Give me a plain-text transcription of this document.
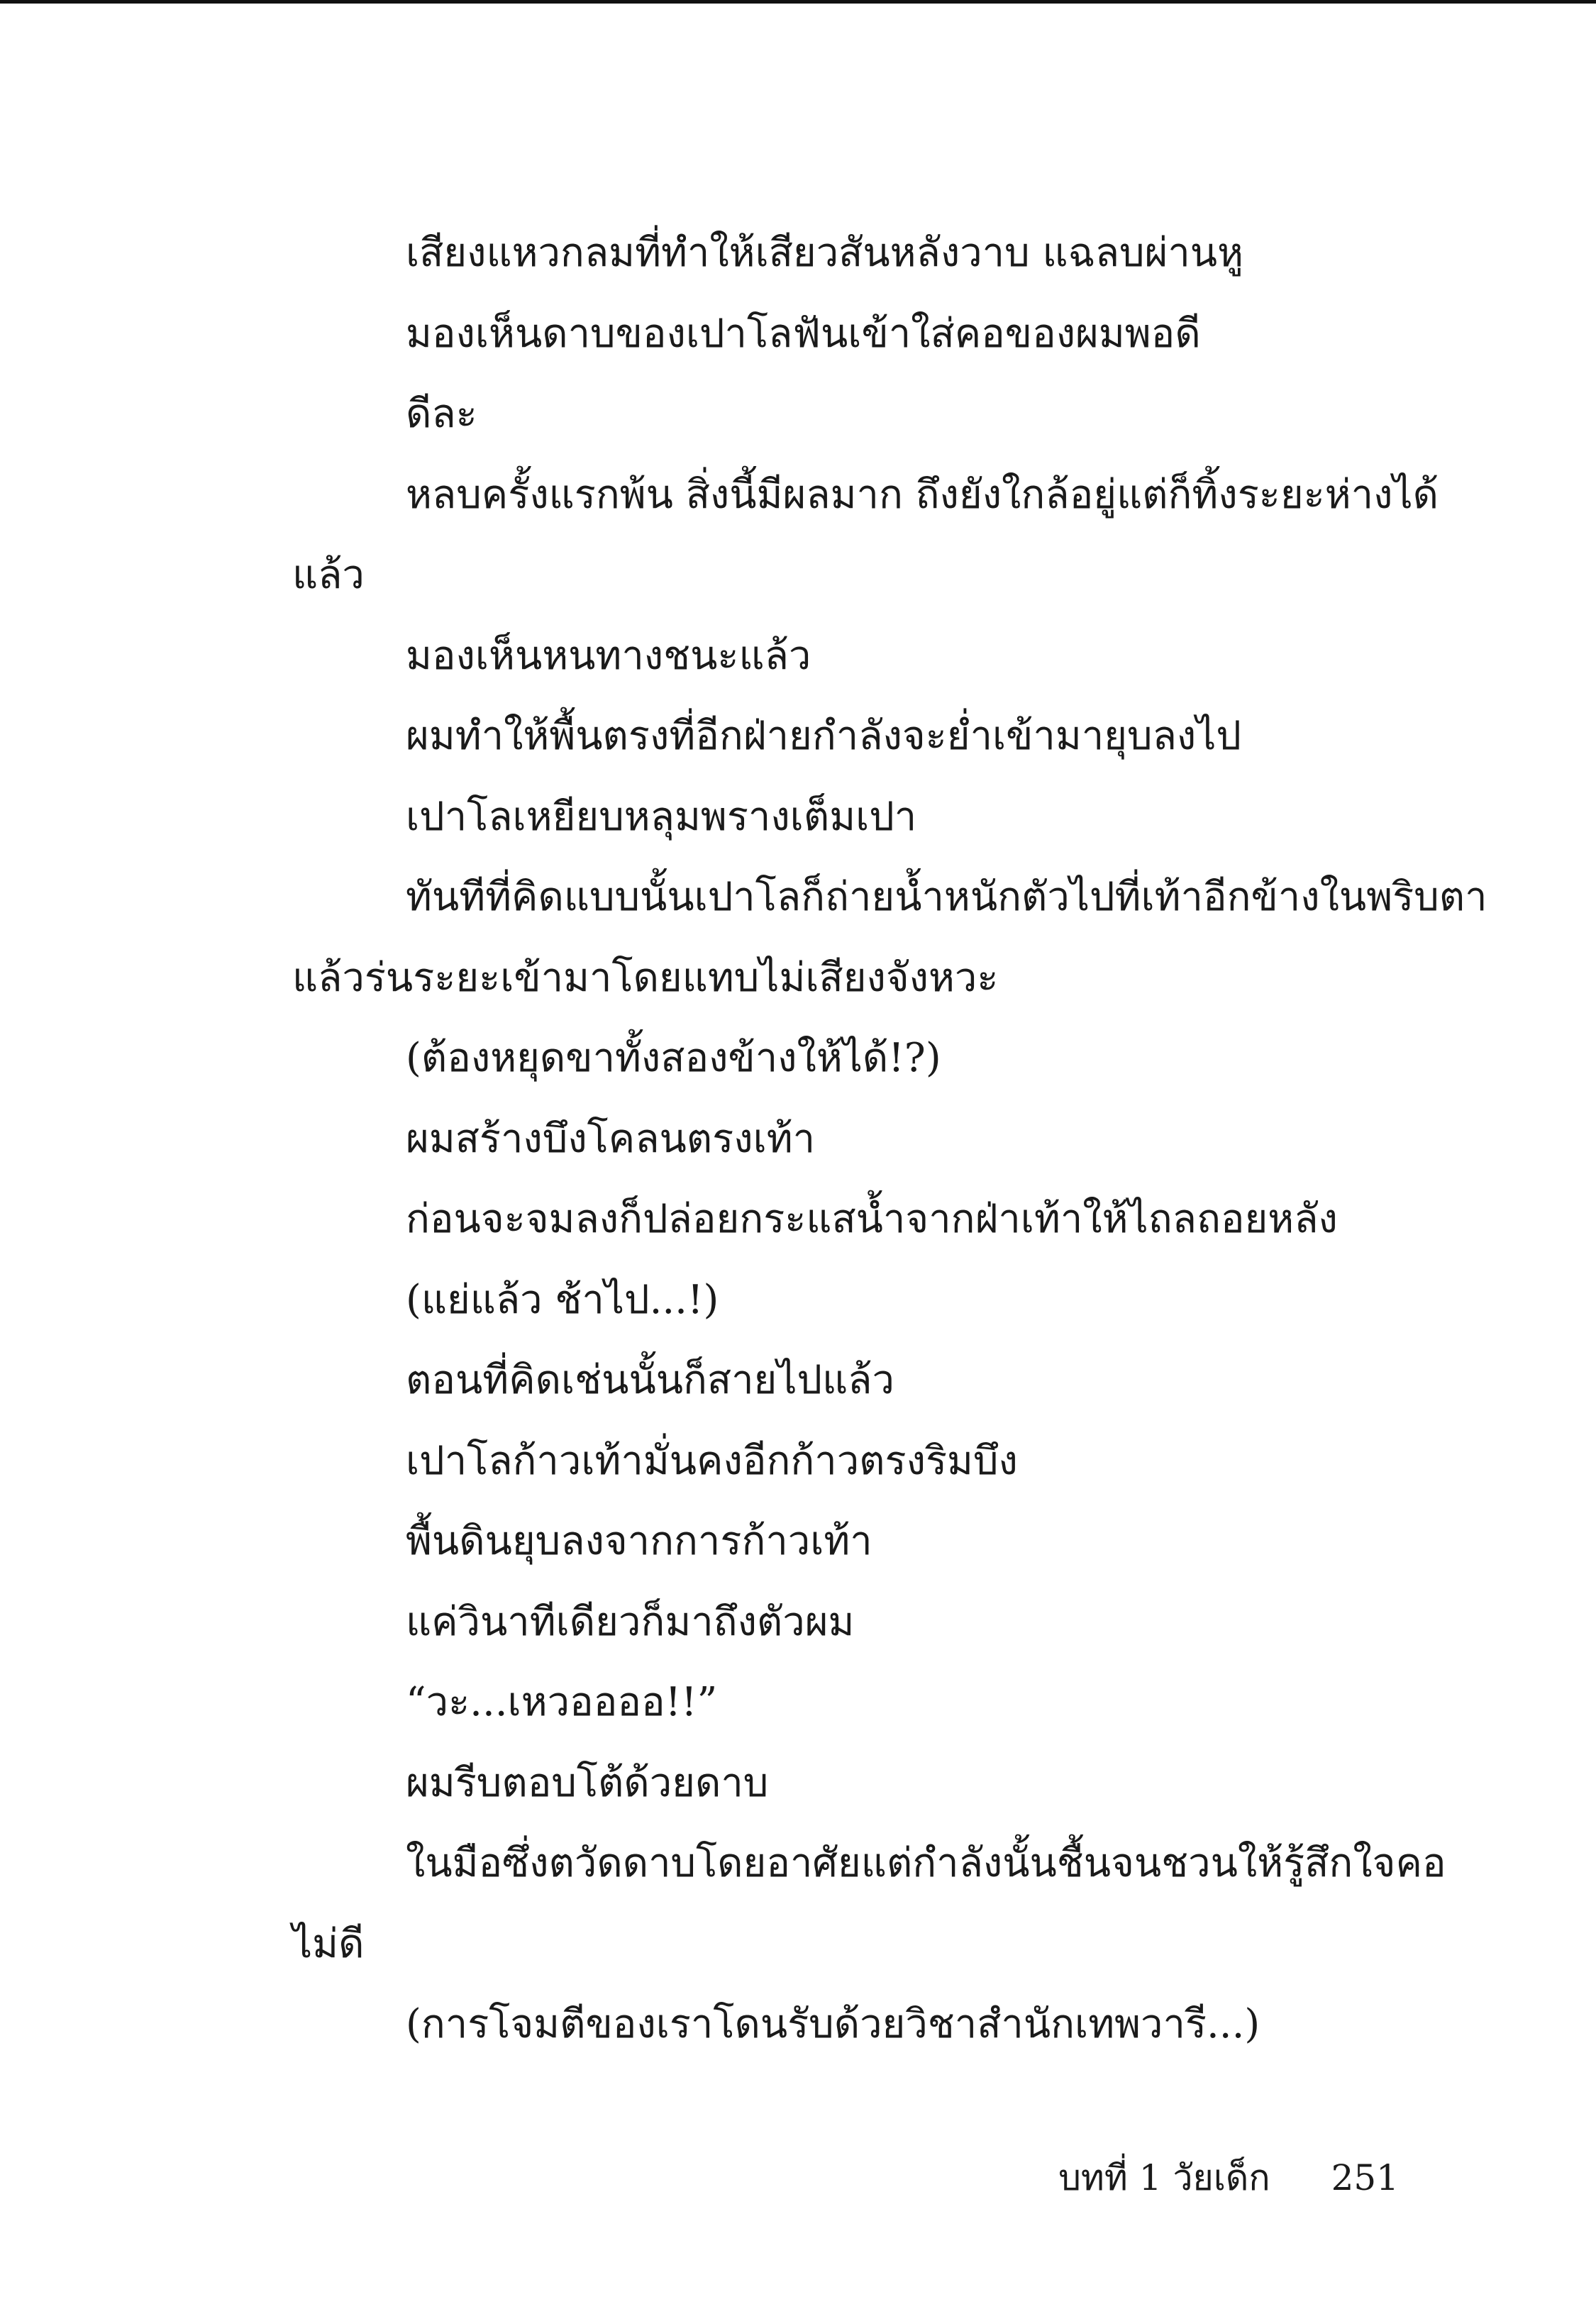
เสียงแหวกลมที่ทำให้เสียวสันหลังวาบ แฉลบผ่านหู
มองเห็นดาบของเปาโลฟันเข้าใส่คอของผมพอดี
ดีละ
หลบครั้งแรกพ้น สิ่งนี้มีผลมาก ถึงยังใกล้อยู่แต่ก็ทิ้งระยะห่างได้
แล้ว
มองเห็นหนทางชนะแล้ว
ผมทำให้พื้นตรงที่อีกฝ่ายกำลังจะย่ำเข้ามายุบลงไป
เปาโลเหยียบหลุมพรางเต็มเปา
ทันทีที่คิดแบบนั้นเปาโลก็ถ่ายน้ำหนักตัวไปที่เท้าอีกข้างในพริบตา
แล้วร่นระยะเข้ามาโดยแทบไม่เสียงจังหวะ
(ต้องหยุดขาทั้งสองข้างให้ได้!?)
ผมสร้างบึงโคลนตรงเท้า
ก่อนจะจมลงก็ปล่อยกระแสน้ำจากฝ่าเท้าให้ไถลถอยหลัง
(แย่แล้ว ช้าไป...!)
ตอนที่คิดเช่นนั้นก็สายไปแล้ว
เปาโลก้าวเท้ามั่นคงอีกก้าวตรงริมบึง
พื้นดินยุบลงจากการก้าวเท้า
แค่วินาทีเดียวก็มาถึงตัวผม
“วะ...เหวออออ!!”
ผมรีบตอบโต้ด้วยดาบ
ในมือซึ่งตวัดดาบโดยอาศัยแต่กำลังนั้นชื้นจนชวนให้รู้สึกใจคอ
ไม่ดี
(การโจมตีของเราโดนรับด้วยวิชาสำนักเทพวารี...)
บทที่ 1 วัยเด็ก 251
